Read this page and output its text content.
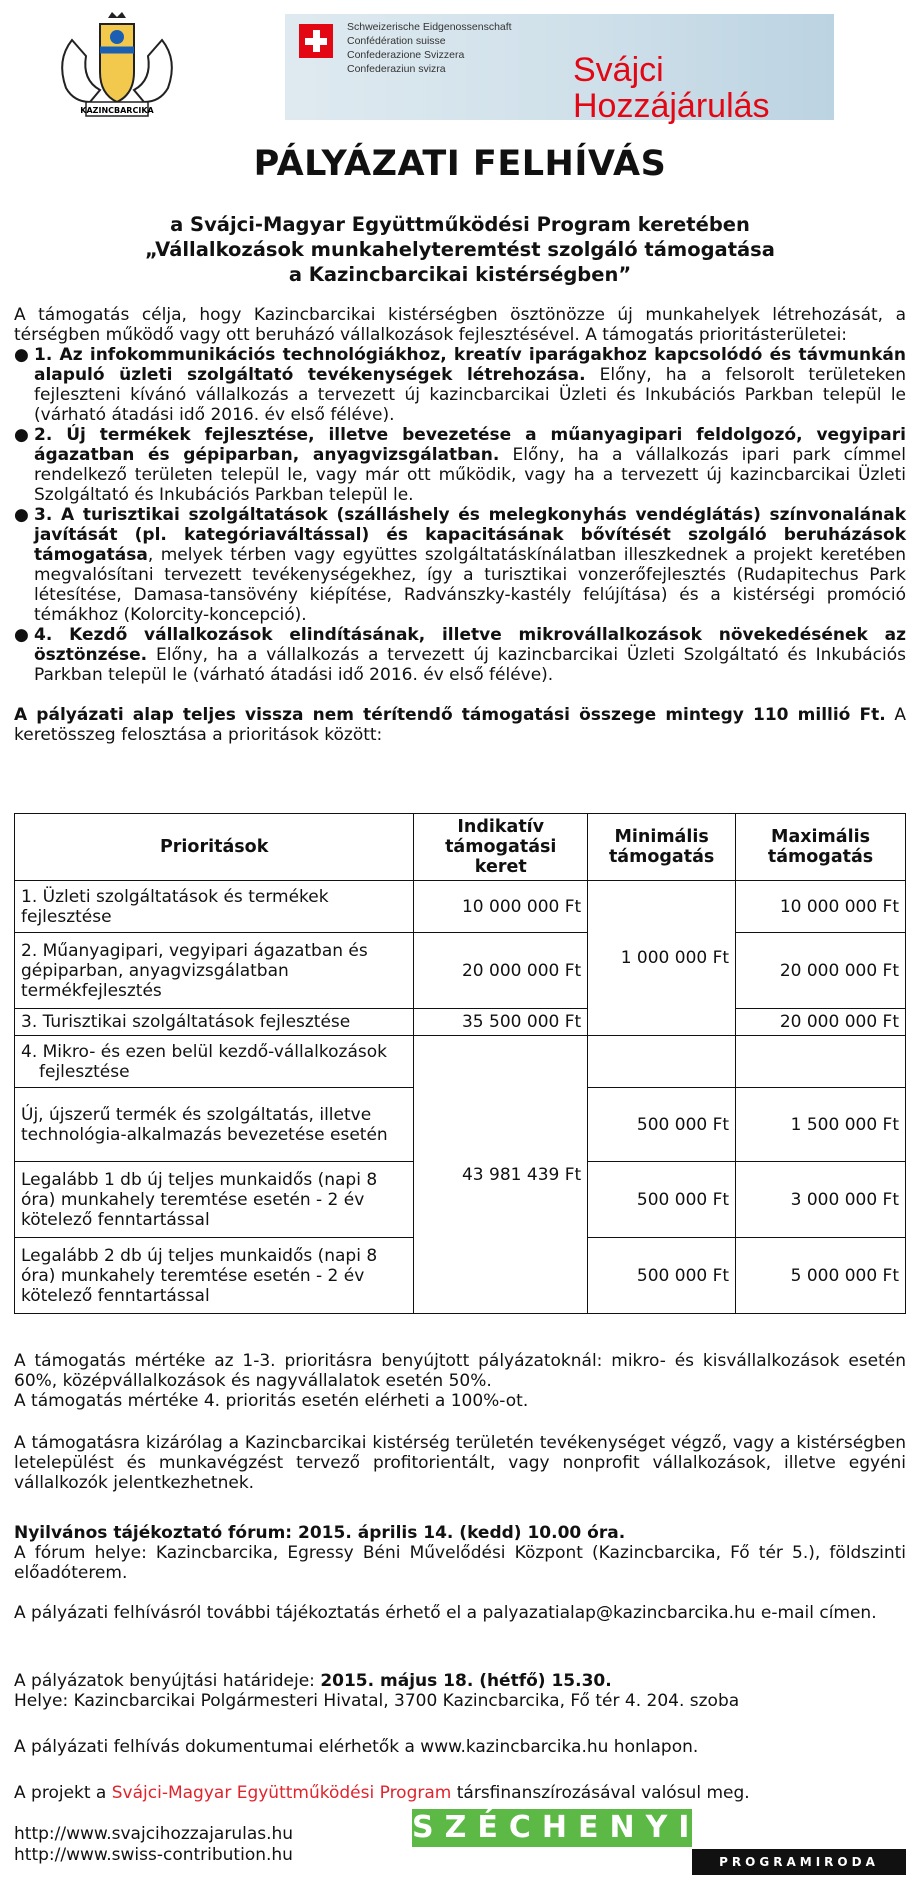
KAZINCBARCIKA
Schweizerische Eidgenossenschaft
Confédération suisse
Confederazione Svizzera
Confederaziun svizra	Svájci
Hozzájárulás
PÁLYÁZATI FELHÍVÁS
a Svájci-Magyar Együttműködési Program keretében
„Vállalkozások munkahelyteremtést szolgáló támogatása
a Kazincbarcikai kistérségben”

A támogatás célja, hogy Kazincbarcikai kistérségben ösztönözze új munkahelyek létrehozását, a térségben működő vagy ott beruházó vállalkozások fejlesztésével. A támogatás prioritásterületei:

● 1. Az infokommunikációs technológiákhoz, kreatív iparágakhoz kapcsolódó és távmunkán alapuló üzleti szolgáltató tevékenységek létrehozása. Előny, ha a felsorolt területeken fejleszteni kívánó vállalkozás a tervezett új kazincbarcikai Üzleti és Inkubációs Parkban települ le (várható átadási idő 2016. év első féléve).

● 2. Új termékek fejlesztése, illetve bevezetése a műanyagipari feldolgozó, vegyipari ágazatban és gépiparban, anyagvizsgálatban. Előny, ha a vállalkozás ipari park címmel rendelkező területen települ le, vagy már ott működik, vagy ha a tervezett új kazincbarcikai Üzleti Szolgáltató és Inkubációs Parkban települ le.

● 3. A turisztikai szolgáltatások (szálláshely és melegkonyhás vendéglátás) színvonalának javítását (pl. kategóriaváltással) és kapacitásának bővítését szolgáló beruházások támogatása, melyek térben vagy együttes szolgáltatáskínálatban illeszkednek a projekt keretében megvalósítani tervezett tevékenységekhez, így a turisztikai vonzerőfejlesztés (Rudapitechus Park létesítése, Damasa-tansövény kiépítése, Radvánszky-kastély felújítása) és a kistérségi promóció témákhoz (Kolorcity-koncepció).

● 4. Kezdő vállalkozások elindításának, illetve mikrovállalkozások növekedésének az ösztönzése. Előny, ha a vállalkozás a tervezett új kazincbarcikai Üzleti Szolgáltató és Inkubációs Parkban települ le (várható átadási idő 2016. év első féléve).

A pályázati alap teljes vissza nem térítendő támogatási összege mintegy 110 millió Ft. A keretösszeg felosztása a prioritások között:

Prioritások	Indikatív támogatási keret	Minimális támogatás	Maximális támogatás
1. Üzleti szolgáltatások és termékek fejlesztése	10 000 000 Ft	1 000 000 Ft	10 000 000 Ft
2. Műanyagipari, vegyipari ágazatban és gépiparban, anyagvizsgálatban termékfejlesztés	20 000 000 Ft		20 000 000 Ft
3. Turisztikai szolgáltatások fejlesztése	35 500 000 Ft		20 000 000 Ft
4. Mikro- és ezen belül kezdő-vállalkozások fejlesztése	43 981 439 Ft		
Új, újszerű termék és szolgáltatás, illetve technológia-alkalmazás bevezetése esetén		500 000 Ft	1 500 000 Ft
Legalább 1 db új teljes munkaidős (napi 8 óra) munkahely teremtése esetén - 2 év kötelező fenntartással		500 000 Ft	3 000 000 Ft
Legalább 2 db új teljes munkaidős (napi 8 óra) munkahely teremtése esetén - 2 év kötelező fenntartással		500 000 Ft	5 000 000 Ft

A támogatás mértéke az 1-3. prioritásra benyújtott pályázatoknál: mikro- és kisvállalkozások esetén 60%, középvállalkozások és nagyvállalatok esetén 50%.

A támogatás mértéke 4. prioritás esetén elérheti a 100%-ot.

A támogatásra kizárólag a Kazincbarcikai kistérség területén tevékenységet végző, vagy a kistérségben letelepülést és munkavégzést tervező profitorientált, vagy nonprofit vállalkozások, illetve egyéni vállalkozók jelentkezhetnek.

Nyilvános tájékoztató fórum: 2015. április 14. (kedd) 10.00 óra.

A fórum helye: Kazincbarcika, Egressy Béni Művelődési Központ (Kazincbarcika, Fő tér 5.), földszinti előadóterem.

A pályázati felhívásról további tájékoztatás érhető el a palyazatialap@kazincbarcika.hu e-mail címen.

A pályázatok benyújtási határideje: 2015. május 18. (hétfő) 15.30.

Helye: Kazincbarcikai Polgármesteri Hivatal, 3700 Kazincbarcika, Fő tér 4. 204. szoba

A pályázati felhívás dokumentumai elérhetők a www.kazincbarcika.hu honlapon.

A projekt a Svájci-Magyar Együttműködési Program társfinanszírozásával valósul meg.

http://www.svajcihozzajarulas.hu
http://www.swiss-contribution.hu
SZÉCHENYI
PROGRAMIRODA
